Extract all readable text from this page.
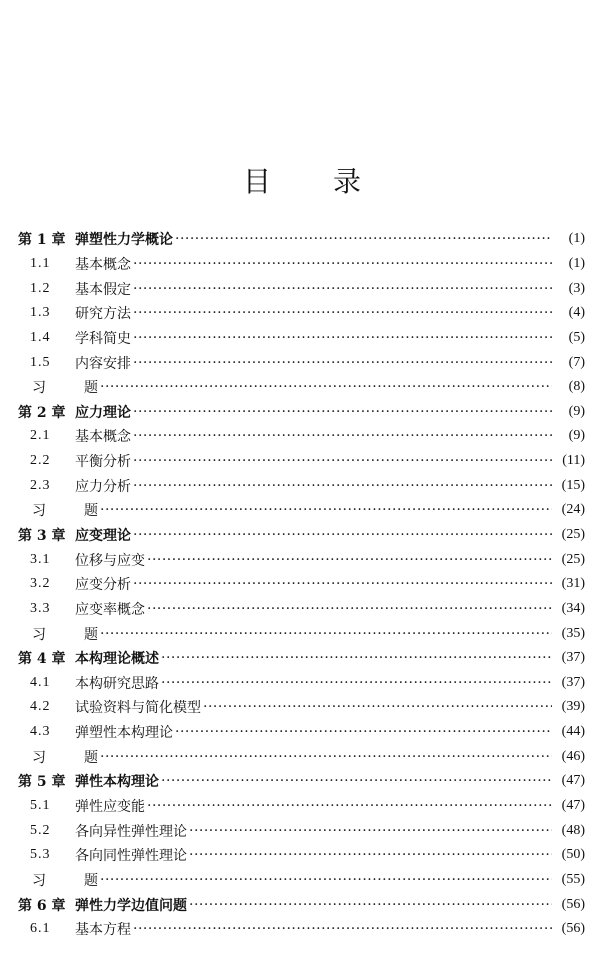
目 录
第 1 章 弹塑性力学概论 ·····	(1)
1.1	基本概念 ·····	(1)
1.2	基本假定 ·····	(3)
1.3	研究方法 ·····	(4)
1.4	学科简史 ·····	(5)
1.5	内容安排 ·····	(7)
习	题 ·····	(8)
第 2 章 应力理论 ·····	(9)
2.1	基本概念 ·····	(9)
2.2	平衡分析 ·····	(11)
2.3	应力分析 ·····	(15)
习	题 ·····	(24)
第 3 章 应变理论 ·····	(25)
3.1	位移与应变 ·····	(25)
3.2	应变分析 ·····	(31)
3.3	应变率概念 ·····	(34)
习	题 ·····	(35)
第 4 章 本构理论概述 ·····	(37)
4.1	本构研究思路 ·····	(37)
4.2	试验资料与简化模型 ·····	(39)
4.3	弹塑性本构理论 ·····	(44)
习	题 ·····	(46)
第 5 章 弹性本构理论 ·····	(47)
5.1	弹性应变能 ·····	(47)
5.2	各向异性弹性理论 ·····	(48)
5.3	各向同性弹性理论 ·····	(50)
习	题 ·····	(55)
第 6 章 弹性力学边值问题 ·····	(56)
6.1	基本方程 ·····	(56)
